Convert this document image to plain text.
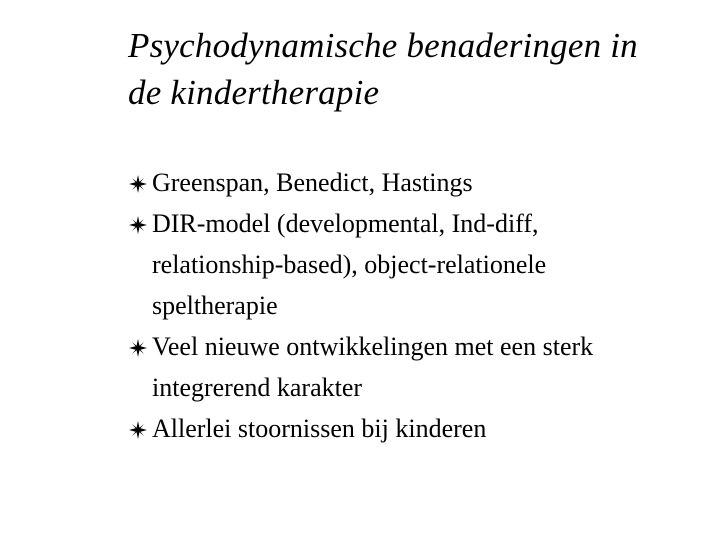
Psychodynamische benaderingen in
de kindertherapie
Greenspan, Benedict, Hastings
DIR-model (developmental, Ind-diff,
relationship-based), object-relationele
speltherapie
Veel nieuwe ontwikkelingen met een sterk
integrerend karakter
Allerlei stoornissen bij kinderen
